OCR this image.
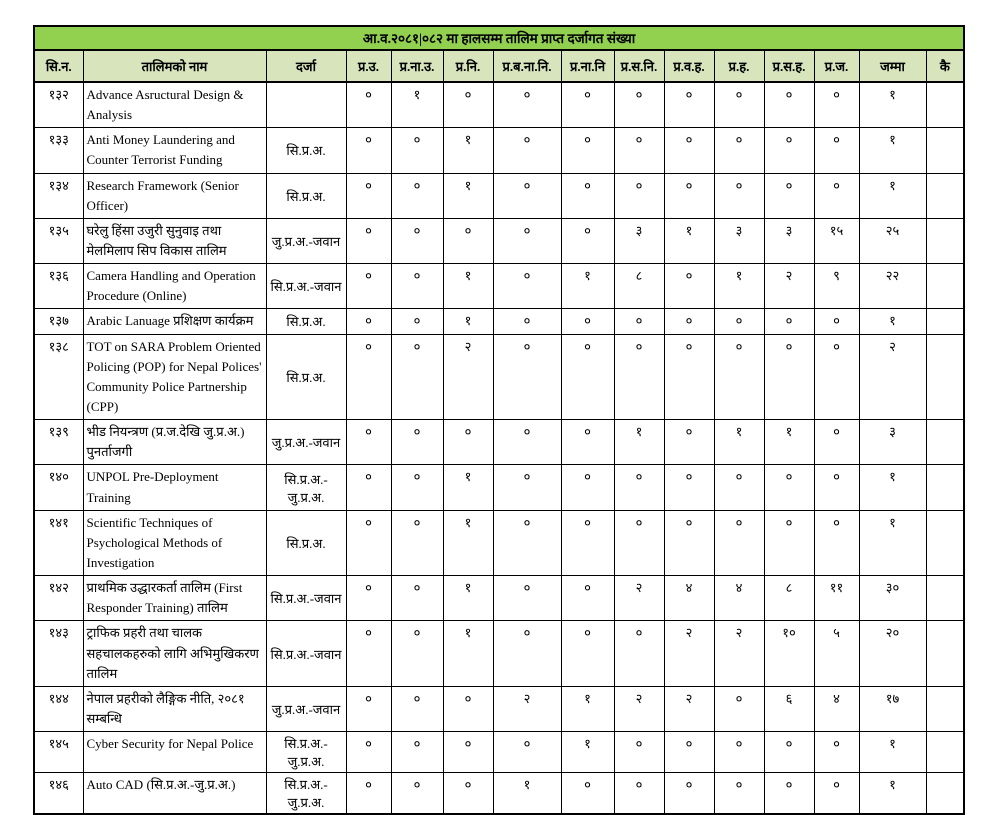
आ.व.२०८१|०८२ मा हालसम्म तालिम प्राप्त दर्जागत संख्या														
सि.न.	तालिमको नाम	दर्जा	प्र.उ.	प्र.ना.उ.	प्र.नि.	प्र.ब.ना.नि.	प्र.ना.नि	प्र.स.नि.	प्र.व.ह.	प्र.ह.	प्र.स.ह.	प्र.ज.	जम्मा	कै
१३२	Advance Asructural Design & Analysis		०	१	०	०	०	०	०	०	०	०	१	
१३३	Anti Money Laundering and Counter Terrorist Funding	सि.प्र.अ.	०	०	१	०	०	०	०	०	०	०	१	
१३४	Research Framework (Senior Officer)	सि.प्र.अ.	०	०	१	०	०	०	०	०	०	०	१	
१३५	घरेलु हिंसा उजुरी सुनुवाइ तथा मेलमिलाप सिप विकास तालिम	जु.प्र.अ.-जवान	०	०	०	०	०	३	१	३	३	१५	२५	
१३६	Camera Handling and Operation Procedure (Online)	सि.प्र.अ.-जवान	०	०	१	०	१	८	०	१	२	९	२२	
१३७	Arabic Lanuage प्रशिक्षण कार्यक्रम	सि.प्र.अ.	०	०	१	०	०	०	०	०	०	०	१	
१३८	TOT on SARA Problem Oriented Policing (POP) for Nepal Polices' Community Police Partnership (CPP)	सि.प्र.अ.	०	०	२	०	०	०	०	०	०	०	२	
१३९	भीड नियन्त्रण (प्र.ज.देखि जु.प्र.अ.) पुनर्ताजगी	जु.प्र.अ.-जवान	०	०	०	०	०	१	०	१	१	०	३	
१४०	UNPOL Pre-Deployment Training	सि.प्र.अ.-जु.प्र.अ.	०	०	१	०	०	०	०	०	०	०	१	
१४१	Scientific Techniques of Psychological Methods of Investigation	सि.प्र.अ.	०	०	१	०	०	०	०	०	०	०	१	
१४२	प्राथमिक उद्धारकर्ता तालिम (First Responder Training) तालिम	सि.प्र.अ.-जवान	०	०	१	०	०	२	४	४	८	११	३०	
१४३	ट्राफिक प्रहरी तथा चालक सहचालकहरुको लागि अभिमुखिकरण तालिम	सि.प्र.अ.-जवान	०	०	१	०	०	०	२	२	१०	५	२०	
१४४	नेपाल प्रहरीको लैङ्गिक नीति, २०८१ सम्बन्धि	जु.प्र.अ.-जवान	०	०	०	२	१	२	२	०	६	४	१७	
१४५	Cyber Security for Nepal Police	सि.प्र.अ.-जु.प्र.अ.	०	०	०	०	१	०	०	०	०	०	१	
१४६	Auto CAD (सि.प्र.अ.-जु.प्र.अ.)	सि.प्र.अ.-जु.प्र.अ.	०	०	०	१	०	०	०	०	०	०	१	
